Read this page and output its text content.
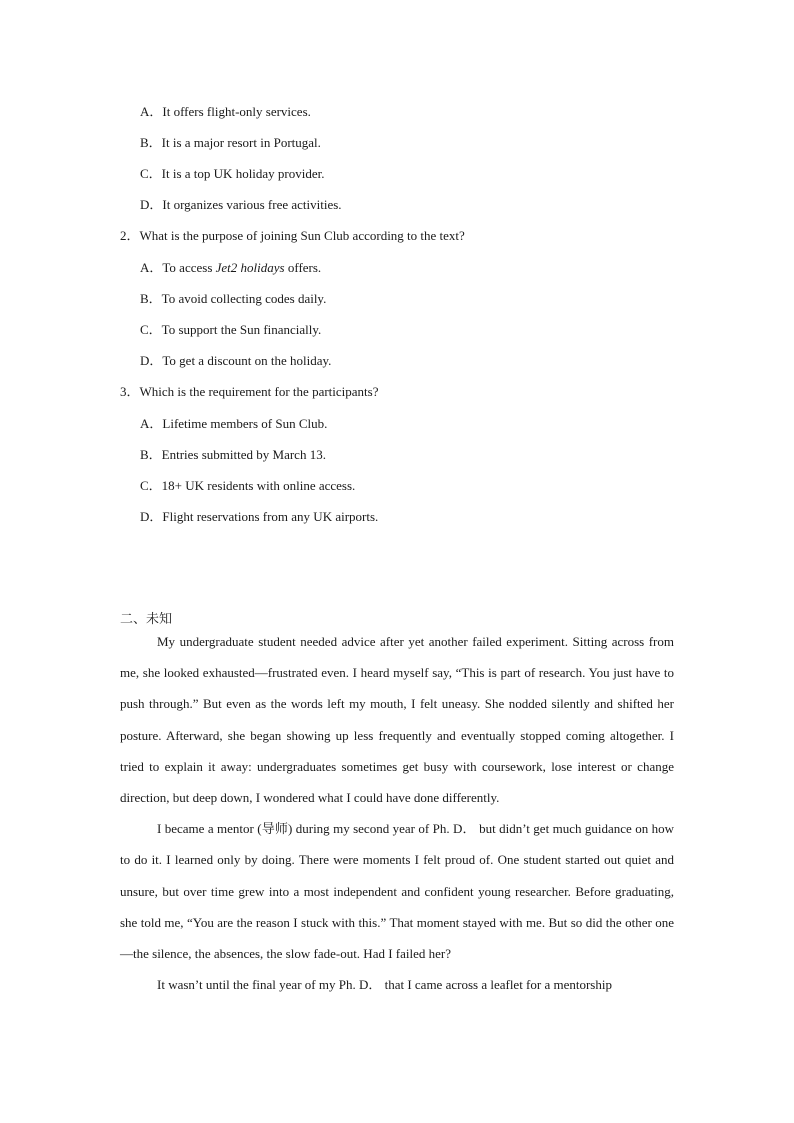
A．It offers flight-only services.
B．It is a major resort in Portugal.
C．It is a top UK holiday provider.
D．It organizes various free activities.
2．What is the purpose of joining Sun Club according to the text?
A．To access Jet2 holidays offers.
B．To avoid collecting codes daily.
C．To support the Sun financially.
D．To get a discount on the holiday.
3．Which is the requirement for the participants?
A．Lifetime members of Sun Club.
B．Entries submitted by March 13.
C．18+ UK residents with online access.
D．Flight reservations from any UK airports.
二、未知

My undergraduate student needed advice after yet another failed experiment. Sitting across from me, she looked exhausted—frustrated even. I heard myself say, “This is part of research. You just have to push through.” But even as the words left my mouth, I felt uneasy. She nodded silently and shifted her posture. Afterward, she began showing up less frequently and eventually stopped coming altogether. I tried to explain it away: undergraduates sometimes get busy with coursework, lose interest or change direction, but deep down, I wondered what I could have done differently.

I became a mentor (导师) during my second year of Ph. D． but didn’t get much guidance on how to do it. I learned only by doing. There were moments I felt proud of. One student started out quiet and unsure, but over time grew into a most independent and confident young researcher. Before graduating, she told me, “You are the reason I stuck with this.” That moment stayed with me. But so did the other one—the silence, the absences, the slow fade-out. Had I failed her?

It wasn’t until the final year of my Ph. D． that I came across a leaflet for a mentorship
